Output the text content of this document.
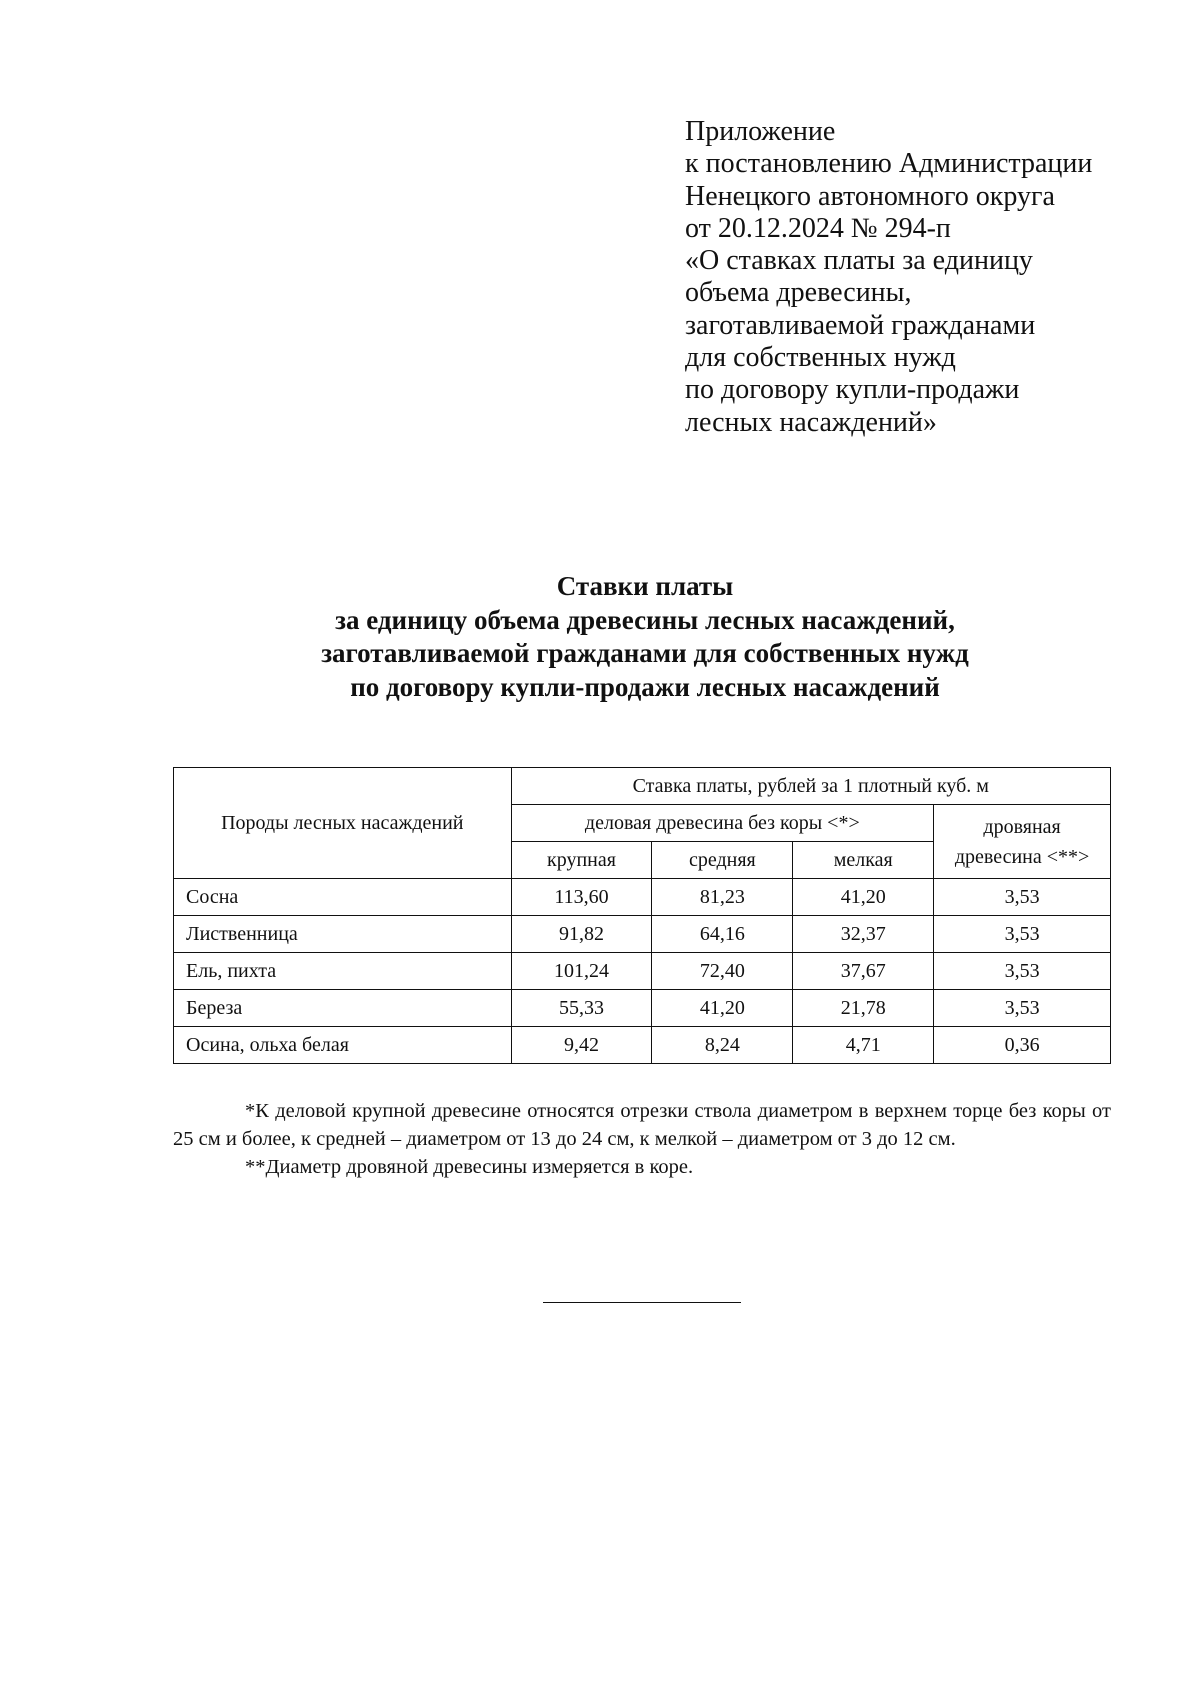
Приложение
к постановлению Администрации
Ненецкого автономного округа
от 20.12.2024 № 294-п
«О ставках платы за единицу
объема древесины,
заготавливаемой гражданами
для собственных нужд
по договору купли-продажи
лесных насаждений»
Ставки платы
за единицу объема древесины лесных насаждений,
заготавливаемой гражданами для собственных нужд
по договору купли-продажи лесных насаждений
Породы лесных насаждений	Ставка платы, рублей за 1 плотный куб. м			
	деловая древесина без коры <*>			дровяная древесина <**>
	крупная	средняя	мелкая	
Сосна	113,60	81,23	41,20	3,53
Лиственница	91,82	64,16	32,37	3,53
Ель, пихта	101,24	72,40	37,67	3,53
Береза	55,33	41,20	21,78	3,53
Осина, ольха белая	9,42	8,24	4,71	0,36

*К деловой крупной древесине относятся отрезки ствола диаметром в верхнем торце без коры от 25 см и более, к средней – диаметром от 13 до 24 см, к мелкой – диаметром от 3 до 12 см.

**Диаметр дровяной древесины измеряется в коре.
